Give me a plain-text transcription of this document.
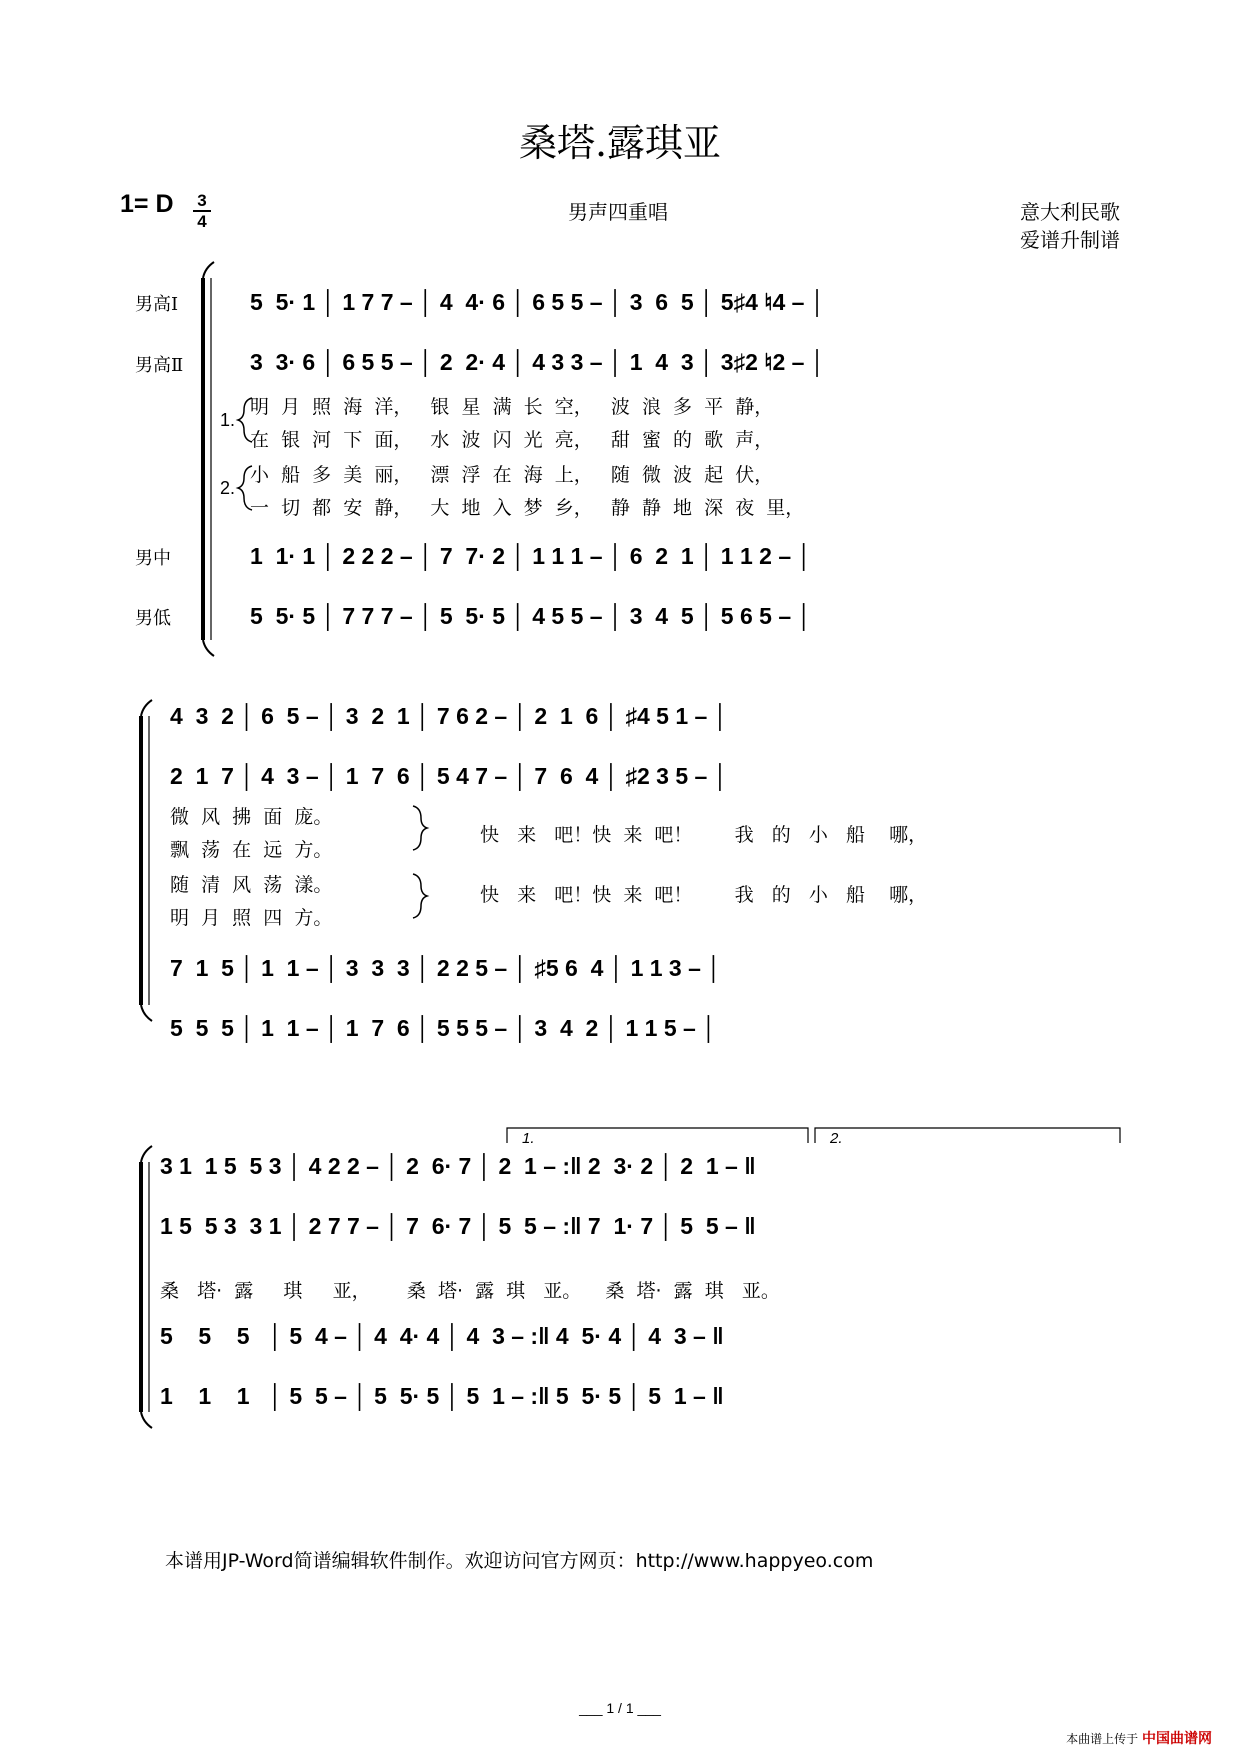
桑塔.露琪亚
1= D 3
4	男声四重唱	意大利民歌
爱谱升制谱
男高Ⅰ
男高Ⅱ
男中
男低
5  5· 1 │ 1 7 7 – │ 4  4· 6 │ 6 5 5 – │ 3  6  5 │ 5♯4 ♮4 – │
3  3· 6 │ 6 5 5 – │ 2  2· 4 │ 4 3 3 – │ 1  4  3 │ 3♯2 ♮2 – │
1.
2.
明  月  照  海  洋，   银  星  满  长  空，   波  浪  多  平  静，
在  银  河  下  面，   水  波  闪  光  亮，   甜  蜜  的  歌  声，
小  船  多  美  丽，   漂  浮  在  海  上，   随  微  波  起  伏，
一  切  都  安  静，   大  地  入  梦  乡，   静  静  地  深  夜  里，
1  1· 1 │ 2 2 2 – │ 7  7· 2 │ 1 1 1 – │ 6  2  1 │ 1 1 2 – │
5  5· 5 │ 7 7 7 – │ 5  5· 5 │ 4 5 5 – │ 3  4  5 │ 5 6 5 – │
4  3  2 │ 6  5 – │ 3  2  1 │ 7 6 2 – │ 2  1  6 │ ♯4 5 1 – │
2  1  7 │ 4  3 – │ 1  7  6 │ 5 4 7 – │ 7  6  4 │ ♯2 3 5 – │
微  风  拂  面  庞。
飘  荡  在  远  方。
随  清  风  荡  漾。
明  月  照  四  方。
快   来   吧！快  来  吧！       我   的   小   船    哪，
快   来   吧！快  来  吧！       我   的   小   船    哪，
7  1  5 │ 1  1 – │ 3  3  3 │ 2 2 5 – │ ♯5 6  4 │ 1 1 3 – │
5  5  5 │ 1  1 – │ 1  7  6 │ 5 5 5 – │ 3  4  2 │ 1 1 5 – │
1.	2.
3 1  1 5  5 3 │ 4 2 2 – │ 2  6· 7 │ 2  1 – :‖ 2  3· 2 │ 2  1 – ‖
1 5  5 3  3 1 │ 2 7 7 – │ 7  6· 7 │ 5  5 – :‖ 7  1· 7 │ 5  5 – ‖
桑   塔·  露     琪     亚，      桑  塔·  露  琪   亚。    桑  塔·  露  琪   亚。
5    5    5   │ 5  4 – │ 4  4· 4 │ 4  3 – :‖ 4  5· 4 │ 4  3 – ‖
1    1    1   │ 5  5 – │ 5  5· 5 │ 5  1 – :‖ 5  5· 5 │ 5  1 – ‖
本谱用JP-Word简谱编辑软件制作。欢迎访问官方网页：http://www.happyeo.com
___ 1 / 1 ___
本曲谱上传于 中国曲谱网
